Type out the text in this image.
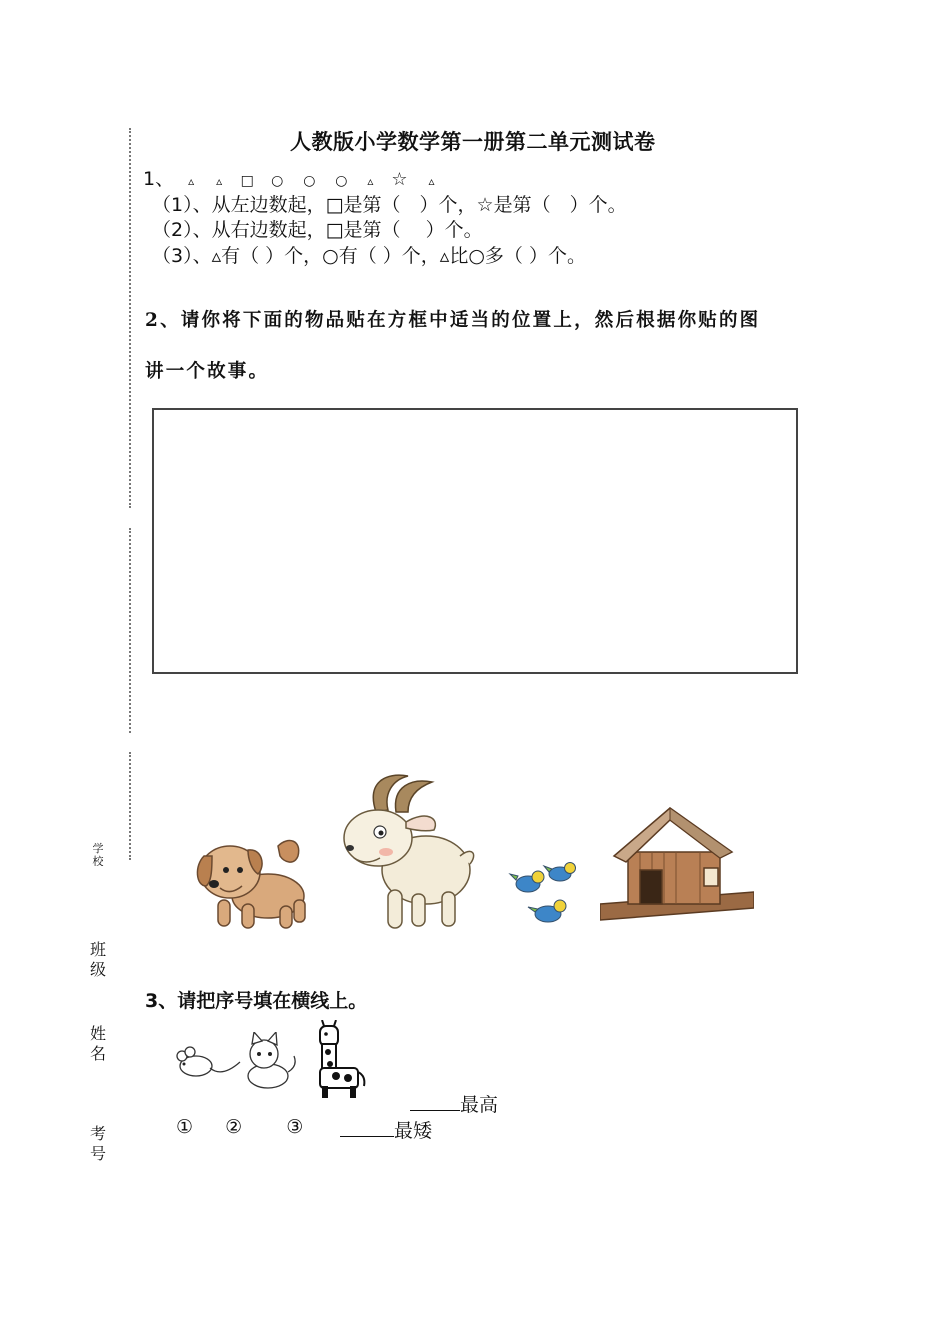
学校
班
级
姓
名
考
号
人教版小学数学第一册第二单元测试卷
1、 ▵ ▵ □ ○ ○ ○ ▵ ☆ ▵
（1）、从左边数起，□是第（　）个，☆是第（　）个。
（2）、从右边数起，□是第（　 ）个。
（3）、▵有（ ）个，○有（ ）个，▵比○多（ ）个。
2、请你将下面的物品贴在方框中适当的位置上，然后根据你贴的图
讲一个故事。
3、请把序号填在横线上。
最高
① ② ③	最矮
